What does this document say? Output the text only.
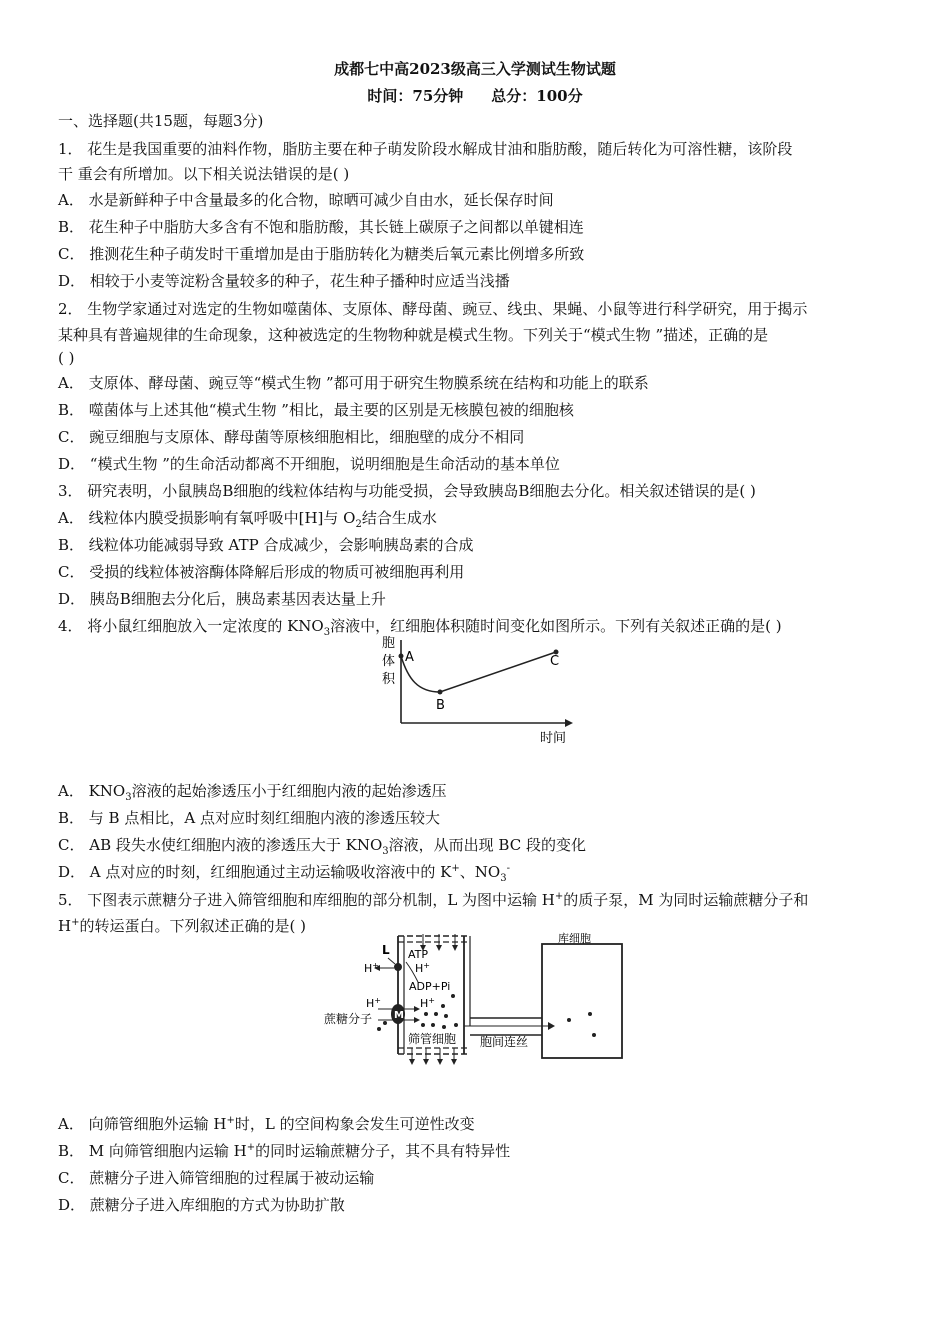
成都七中高2023级高三入学测试生物试题
时间：75分钟 总分：100分
一、选择题(共15题，每题3分)
1． 花生是我国重要的油料作物，脂肪主要在种子萌发阶段水解成甘油和脂肪酸，随后转化为可溶性糖，该阶段
干 重会有所增加。以下相关说法错误的是( )
A． 水是新鲜种子中含量最多的化合物，晾晒可减少自由水，延长保存时间
B． 花生种子中脂肪大多含有不饱和脂肪酸，其长链上碳原子之间都以单键相连
C． 推测花生种子萌发时干重增加是由于脂肪转化为糖类后氧元素比例增多所致
D． 相较于小麦等淀粉含量较多的种子，花生种子播种时应适当浅播
2． 生物学家通过对选定的生物如噬菌体、支原体、酵母菌、豌豆、线虫、果蝇、小鼠等进行科学研究，用于揭示
某种具有普遍规律的生命现象，这种被选定的生物物种就是模式生物。下列关于“模式生物 ”描述，正确的是
( )
A． 支原体、酵母菌、豌豆等“模式生物 ”都可用于研究生物膜系统在结构和功能上的联系
B． 噬菌体与上述其他“模式生物 ”相比，最主要的区别是无核膜包被的细胞核
C． 豌豆细胞与支原体、酵母菌等原核细胞相比，细胞壁的成分不相同
D． “模式生物 ”的生命活动都离不开细胞，说明细胞是生命活动的基本单位
3． 研究表明，小鼠胰岛B细胞的线粒体结构与功能受损，会导致胰岛B细胞去分化。相关叙述错误的是( )
A． 线粒体内膜受损影响有氧呼吸中[H]与 $O_2$结合生成水
B． 线粒体功能减弱导致 ATP 合成减少，会影响胰岛素的合成
C． 受损的线粒体被溶酶体降解后形成的物质可被细胞再利用
D． 胰岛B细胞去分化后，胰岛素基因表达量上升
4． 将小鼠红细胞放入一定浓度的 $KNO_3$溶液中，红细胞体积随时间变化如图所示。下列有关叙述正确的是( )
胞
体
积
A
B
C
时间
A． $KNO_3$溶液的起始渗透压小于红细胞内液的起始渗透压
B． 与 B 点相比，A 点对应时刻红细胞内液的渗透压较大
C． AB 段失水使红细胞内液的渗透压大于 $KNO_3$溶液，从而出现 BC 段的变化
D． A 点对应的时刻，红细胞通过主动运输吸收溶液中的 K+、$NO_3^-$
5． 下图表示蔗糖分子进入筛管细胞和库细胞的部分机制，L 为图中运输 H+的质子泵，M 为同时运输蔗糖分子和
H+的转运蛋白。下列叙述正确的是( )
L ATP
H+	H+
ADP+Pi
H+	H+
M
蔗糖分子
筛管细胞 胞间连丝
库细胞
A． 向筛管细胞外运输 H+时，L 的空间构象会发生可逆性改变
B． M 向筛管细胞内运输 H+的同时运输蔗糖分子，其不具有特异性
C． 蔗糖分子进入筛管细胞的过程属于被动运输
D． 蔗糖分子进入库细胞的方式为协助扩散
